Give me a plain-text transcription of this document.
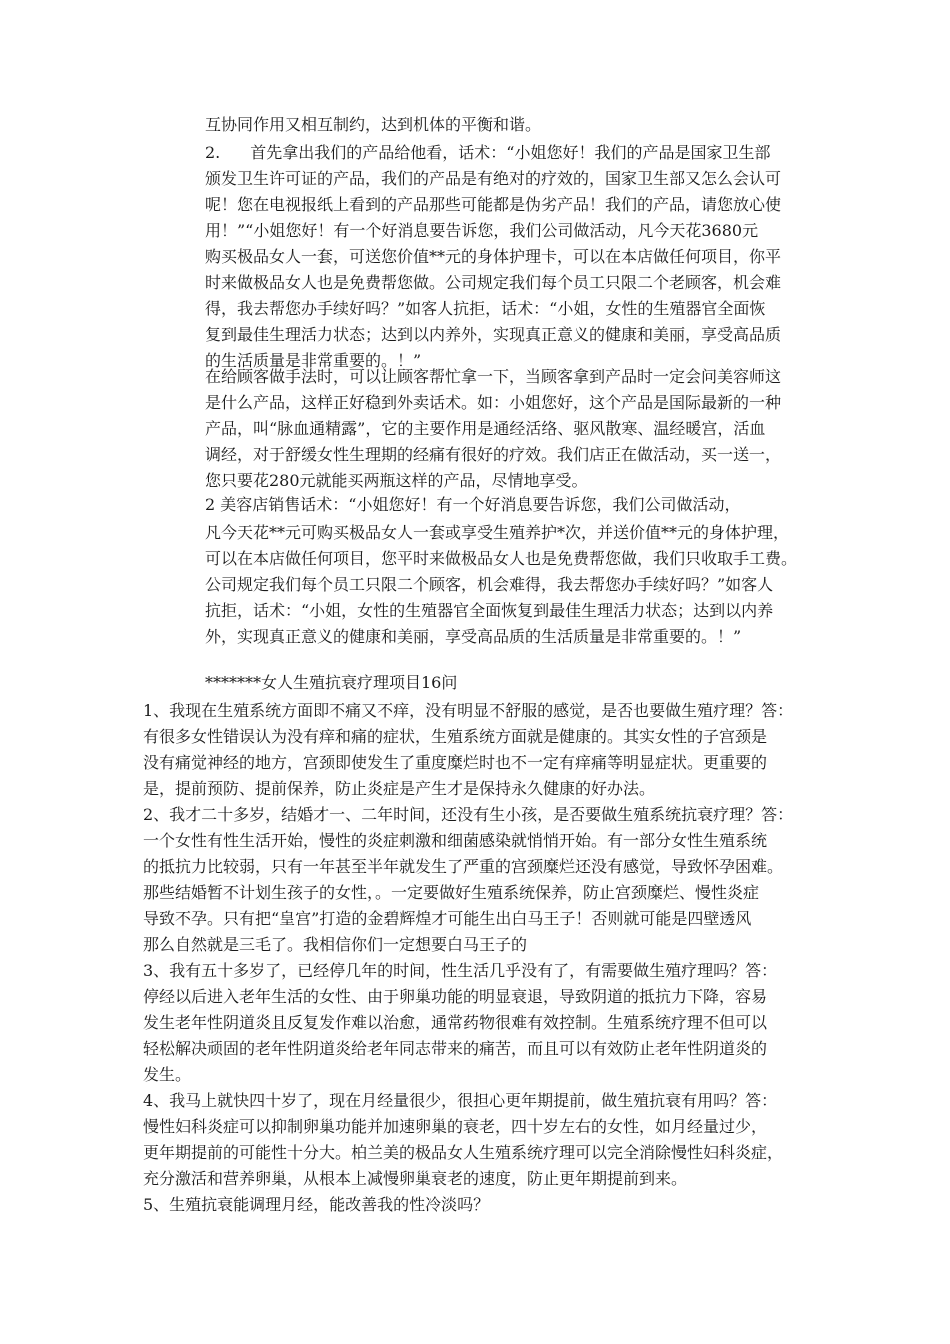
互协同作用又相互制约，达到机体的平衡和谐。
2. 首先拿出我们的产品给他看，话术：“小姐您好！我们的产品是国家卫生部
颁发卫生许可证的产品，我们的产品是有绝对的疗效的，国家卫生部又怎么会认可
呢！您在电视报纸上看到的产品那些可能都是伪劣产品！我们的产品，请您放心使
用！”“小姐您好！有一个好消息要告诉您，我们公司做活动，凡今天花3680元
购买极品女人一套，可送您价值**元的身体护理卡，可以在本店做任何项目，你平
时来做极品女人也是免费帮您做。公司规定我们每个员工只限二个老顾客，机会难
得，我去帮您办手续好吗？”如客人抗拒，话术：“小姐，女性的生殖器官全面恢
复到最佳生理活力状态；达到以内养外，实现真正意义的健康和美丽，享受高品质
的生活质量是非常重要的。！”
在给顾客做手法时，可以让顾客帮忙拿一下，当顾客拿到产品时一定会问美容师这
是什么产品，这样正好稳到外卖话术。如：小姐您好，这个产品是国际最新的一种
产品，叫“脉血通精露”，它的主要作用是通经活络、驱风散寒、温经暖宫，活血
调经，对于舒缓女性生理期的经痛有很好的疗效。我们店正在做活动，买一送一，
您只要花280元就能买两瓶这样的产品，尽情地享受。
2 美容店销售话术：“小姐您好！有一个好消息要告诉您，我们公司做活动，
凡今天花**元可购买极品女人一套或享受生殖养护*次，并送价值**元的身体护理，
可以在本店做任何项目，您平时来做极品女人也是免费帮您做，我们只收取手工费。
公司规定我们每个员工只限二个顾客，机会难得，我去帮您办手续好吗？”如客人
抗拒，话术：“小姐，女性的生殖器官全面恢复到最佳生理活力状态；达到以内养
外，实现真正意义的健康和美丽，享受高品质的生活质量是非常重要的。！”
*******女人生殖抗衰疗理项目16问
1、我现在生殖系统方面即不痛又不痒，没有明显不舒服的感觉，是否也要做生殖疗理？答：
有很多女性错误认为没有痒和痛的症状，生殖系统方面就是健康的。其实女性的子宫颈是
没有痛觉神经的地方，宫颈即使发生了重度糜烂时也不一定有痒痛等明显症状。更重要的
是，提前预防、提前保养，防止炎症是产生才是保持永久健康的好办法。
2、我才二十多岁，结婚才一、二年时间，还没有生小孩，是否要做生殖系统抗衰疗理？答：
一个女性有性生活开始，慢性的炎症刺激和细菌感染就悄悄开始。有一部分女性生殖系统
的抵抗力比较弱，只有一年甚至半年就发生了严重的宫颈糜烂还没有感觉，导致怀孕困难。
那些结婚暂不计划生孩子的女性，。一定要做好生殖系统保养，防止宫颈糜烂、慢性炎症
导致不孕。只有把“皇宫”打造的金碧辉煌才可能生出白马王子！否则就可能是四壁透风
那么自然就是三毛了。我相信你们一定想要白马王子的
3、我有五十多岁了，已经停几年的时间，性生活几乎没有了，有需要做生殖疗理吗？答：
停经以后进入老年生活的女性、由于卵巢功能的明显衰退，导致阴道的抵抗力下降，容易
发生老年性阴道炎且反复发作难以治愈，通常药物很难有效控制。生殖系统疗理不但可以
轻松解决顽固的老年性阴道炎给老年同志带来的痛苦，而且可以有效防止老年性阴道炎的
发生。
4、我马上就快四十岁了，现在月经量很少，很担心更年期提前，做生殖抗衰有用吗？答：
慢性妇科炎症可以抑制卵巢功能并加速卵巢的衰老，四十岁左右的女性，如月经量过少，
更年期提前的可能性十分大。柏兰美的极品女人生殖系统疗理可以完全消除慢性妇科炎症，
充分激活和营养卵巢，从根本上减慢卵巢衰老的速度，防止更年期提前到来。
5、生殖抗衰能调理月经，能改善我的性冷淡吗？
